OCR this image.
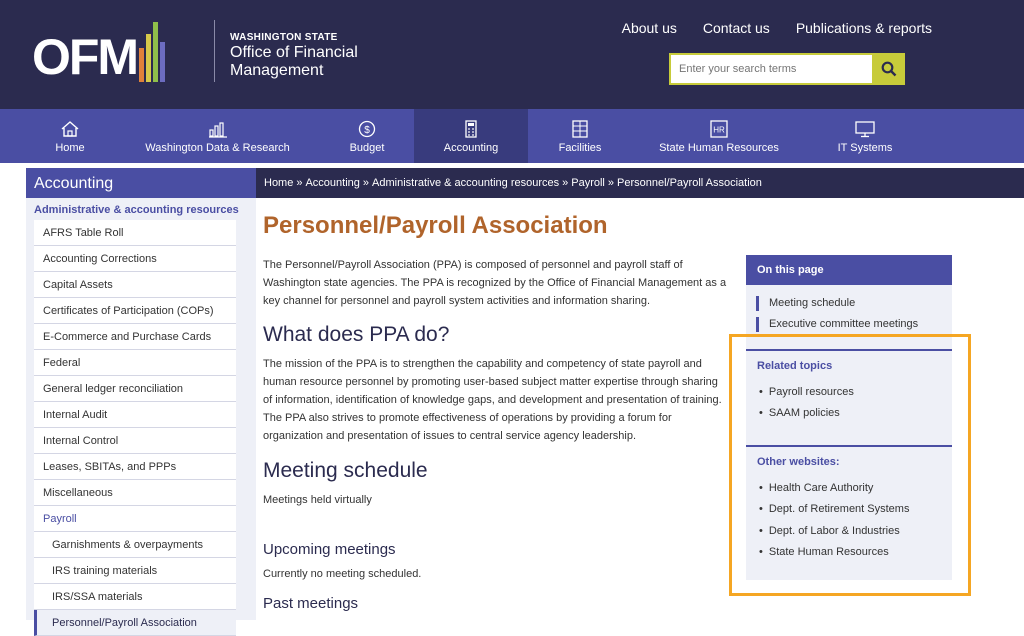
OFM	WASHINGTON STATE
Office of Financial
Management
About us Contact us Publications & reports
Enter your search terms
Home	Washington Data & Research
$
Budget	Accounting	Facilities
HR
State Human Resources	IT Systems
Accounting	Home » Accounting » Administrative & accounting resources » Payroll » Personnel/Payroll Association
Administrative & accounting resources
AFRS Table Roll
Accounting Corrections
Capital Assets
Certificates of Participation (COPs)
E-Commerce and Purchase Cards
Federal
General ledger reconciliation
Internal Audit
Internal Control
Leases, SBITAs, and PPPs
Miscellaneous
Payroll
Garnishments & overpayments
IRS training materials
IRS/SSA materials
Personnel/Payroll Association
Personnel/Payroll Association
The Personnel/Payroll Association (PPA) is composed of personnel and payroll staff of
Washington state agencies. The PPA is recognized by the Office of Financial Management as a
key channel for personnel and payroll system activities and information sharing.
What does PPA do?
The mission of the PPA is to strengthen the capability and competency of state payroll and
human resource personnel by promoting user-based subject matter expertise through sharing
of information, identification of knowledge gaps, and development and presentation of training.
The PPA also strives to promote effectiveness of operations by providing a forum for
organization and presentation of issues to central service agency leadership.
Meeting schedule
Meetings held virtually
Upcoming meetings
Currently no meeting scheduled.
Past meetings
On this page
Meeting schedule
Executive committee meetings
Related topics
• Payroll resources
• SAAM policies
Other websites:
• Health Care Authority
• Dept. of Retirement Systems
• Dept. of Labor & Industries
• State Human Resources
